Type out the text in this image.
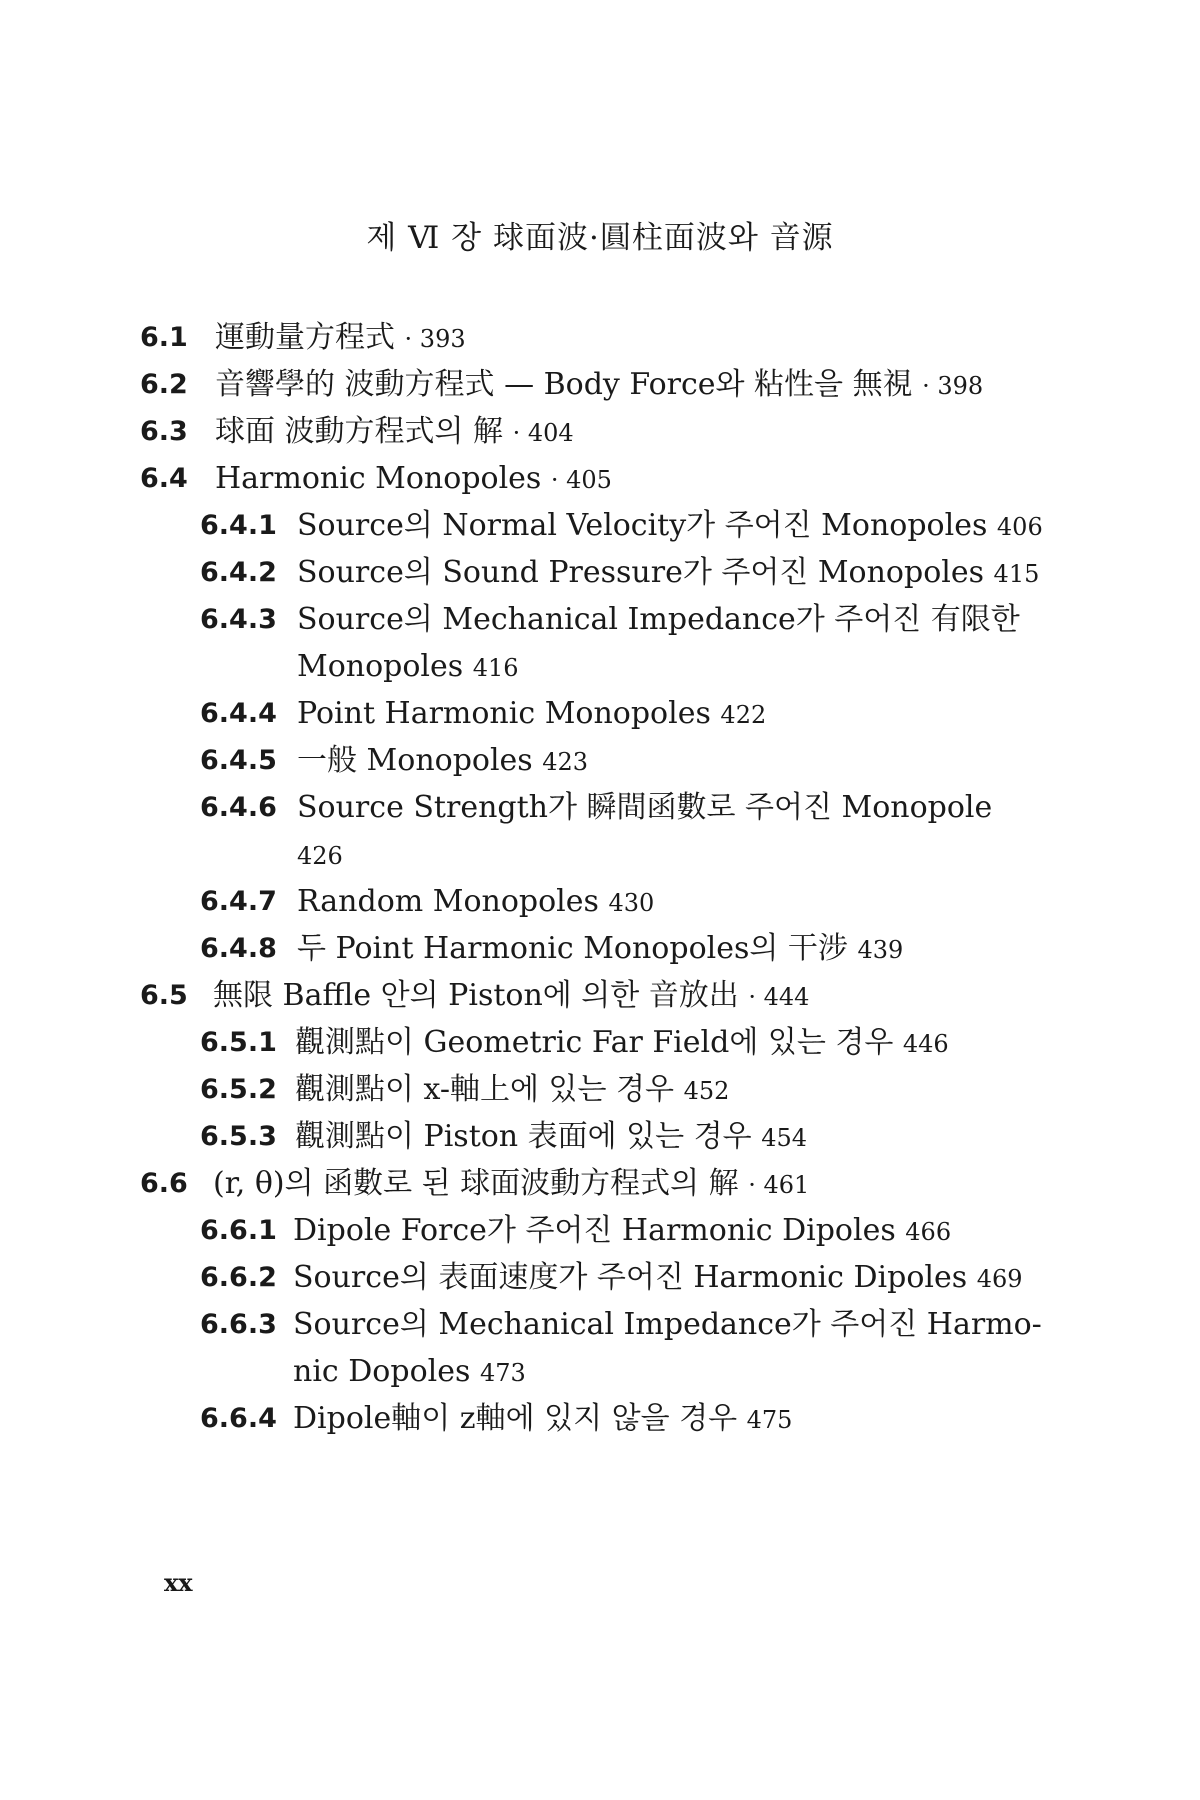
제 Ⅵ 장 球面波·圓柱面波와 音源
6.1 運動量方程式 · 393
6.2 音響學的 波動方程式 — Body Force와 粘性을 無視 · 398
6.3 球面 波動方程式의 解 · 404
6.4 Harmonic Monopoles · 405
6.4.1 Source의 Normal Velocity가 주어진 Monopoles 406
6.4.2 Source의 Sound Pressure가 주어진 Monopoles 415
6.4.3 Source의 Mechanical Impedance가 주어진 有限한
Monopoles 416
6.4.4 Point Harmonic Monopoles 422
6.4.5 一般 Monopoles 423
6.4.6 Source Strength가 瞬間函數로 주어진 Monopole
426
6.4.7 Random Monopoles 430
6.4.8 두 Point Harmonic Monopoles의 干涉 439
6.5 無限 Baffle 안의 Piston에 의한 音放出 · 444
6.5.1 觀測點이 Geometric Far Field에 있는 경우 446
6.5.2 觀測點이 x-軸上에 있는 경우 452
6.5.3 觀測點이 Piston 表面에 있는 경우 454
6.6 (r, θ)의 函數로 된 球面波動方程式의 解 · 461
6.6.1 Dipole Force가 주어진 Harmonic Dipoles 466
6.6.2 Source의 表面速度가 주어진 Harmonic Dipoles 469
6.6.3 Source의 Mechanical Impedance가 주어진 Harmo-
nic Dopoles 473
6.6.4 Dipole軸이 z軸에 있지 않을 경우 475
xx
